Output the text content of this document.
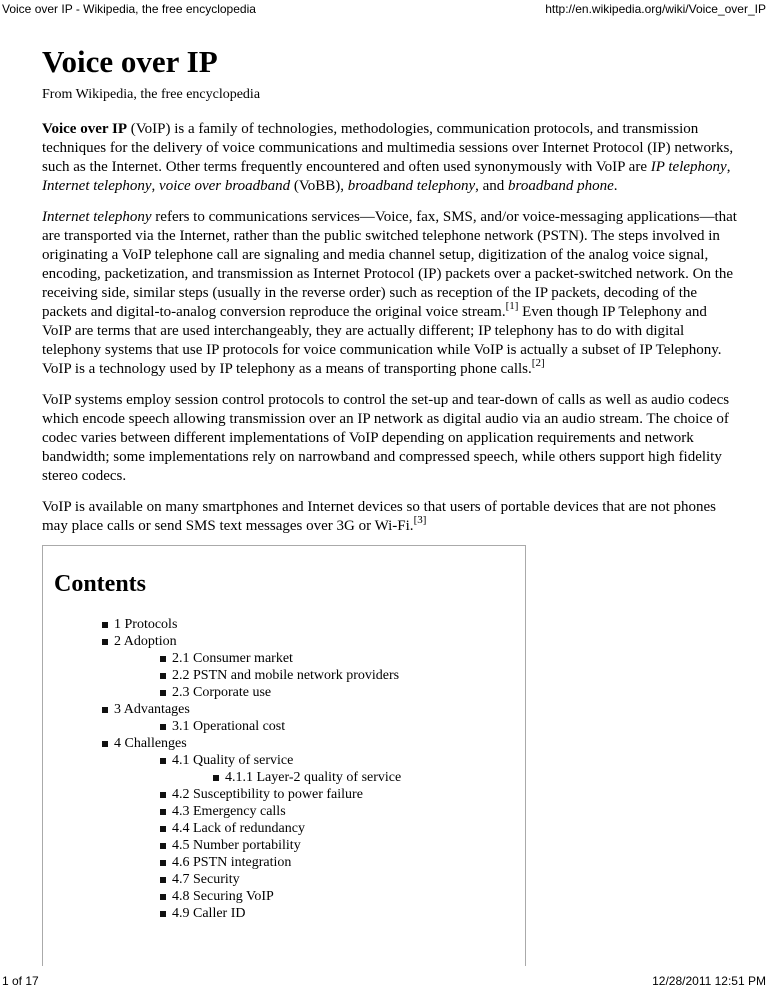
Voice over IP - Wikipedia, the free encyclopedia	http://en.wikipedia.org/wiki/Voice_over_IP
Voice over IP
From Wikipedia, the free encyclopedia

Voice over IP (VoIP) is a family of technologies, methodologies, communication protocols, and transmission techniques for the delivery of voice communications and multimedia sessions over Internet Protocol (IP) networks, such as the Internet. Other terms frequently encountered and often used synonymously with VoIP are IP telephony, Internet telephony, voice over broadband (VoBB), broadband telephony, and broadband phone.

Internet telephony refers to communications services—Voice, fax, SMS, and/or voice-messaging applications—that are transported via the Internet, rather than the public switched telephone network (PSTN). The steps involved in originating a VoIP telephone call are signaling and media channel setup, digitization of the analog voice signal, encoding, packetization, and transmission as Internet Protocol (IP) packets over a packet-switched network. On the receiving side, similar steps (usually in the reverse order) such as reception of the IP packets, decoding of the packets and digital-to-analog conversion reproduce the original voice stream.[1] Even though IP Telephony and VoIP are terms that are used interchangeably, they are actually different; IP telephony has to do with digital telephony systems that use IP protocols for voice communication while VoIP is actually a subset of IP Telephony. VoIP is a technology used by IP telephony as a means of transporting phone calls.[2]

VoIP systems employ session control protocols to control the set-up and tear-down of calls as well as audio codecs which encode speech allowing transmission over an IP network as digital audio via an audio stream. The choice of codec varies between different implementations of VoIP depending on application requirements and network bandwidth; some implementations rely on narrowband and compressed speech, while others support high fidelity stereo codecs.

VoIP is available on many smartphones and Internet devices so that users of portable devices that are not phones may place calls or send SMS text messages over 3G or Wi-Fi.[3]

Contents
1 Protocols
2 Adoption
2.1 Consumer market
2.2 PSTN and mobile network providers
2.3 Corporate use
3 Advantages
3.1 Operational cost
4 Challenges
4.1 Quality of service
4.1.1 Layer-2 quality of service
4.2 Susceptibility to power failure
4.3 Emergency calls
4.4 Lack of redundancy
4.5 Number portability
4.6 PSTN integration
4.7 Security
4.8 Securing VoIP
4.9 Caller ID
1 of 17	12/28/2011 12:51 PM
